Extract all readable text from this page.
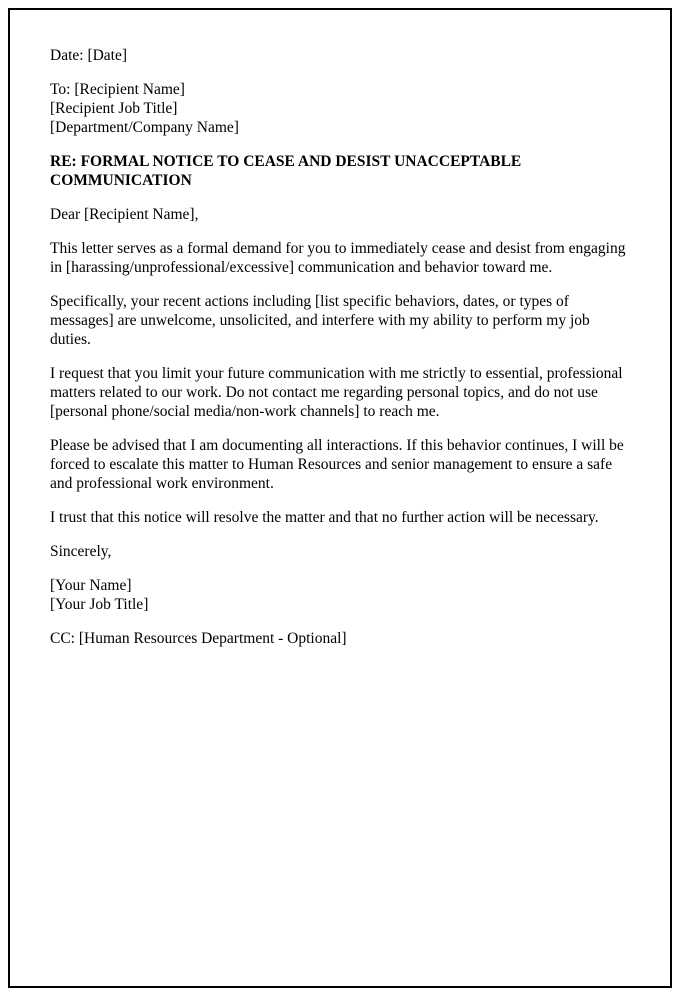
Date: [Date]

To: [Recipient Name]
[Recipient Job Title]
[Department/Company Name]

RE: FORMAL NOTICE TO CEASE AND DESIST UNACCEPTABLE COMMUNICATION

Dear [Recipient Name],

This letter serves as a formal demand for you to immediately cease and desist from engaging in [harassing/unprofessional/excessive] communication and behavior toward me.

Specifically, your recent actions including [list specific behaviors, dates, or types of messages] are unwelcome, unsolicited, and interfere with my ability to perform my job duties.

I request that you limit your future communication with me strictly to essential, professional matters related to our work. Do not contact me regarding personal topics, and do not use [personal phone/social media/non-work channels] to reach me.

Please be advised that I am documenting all interactions. If this behavior continues, I will be forced to escalate this matter to Human Resources and senior management to ensure a safe and professional work environment.

I trust that this notice will resolve the matter and that no further action will be necessary.

Sincerely,

[Your Name]
[Your Job Title]

CC: [Human Resources Department - Optional]
